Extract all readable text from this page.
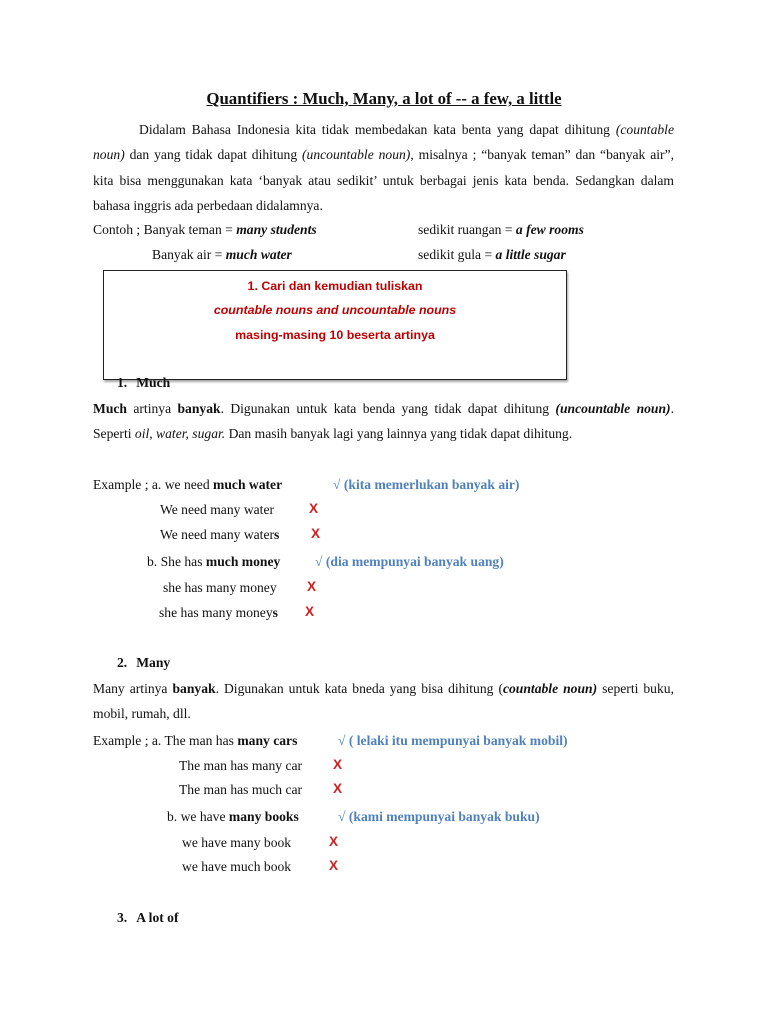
Quantifiers : Much, Many, a lot of -- a few, a little
Didalam Bahasa Indonesia kita tidak membedakan kata benta yang dapat dihitung (countable noun) dan yang tidak dapat dihitung (uncountable noun), misalnya ; “banyak teman” dan “banyak air”, kita bisa menggunakan kata ‘banyak atau sedikit’ untuk berbagai jenis kata benda. Sedangkan dalam bahasa inggris ada perbedaan didalamnya.
Contoh ; Banyak teman = many students	sedikit ruangan = a few rooms
Banyak air = much water	sedikit gula = a little sugar
1. Cari dan kemudian tuliskan
countable nouns and uncountable nouns
masing-masing 10 beserta artinya
1. Much
Much artinya banyak. Digunakan untuk kata benda yang tidak dapat dihitung (uncountable noun). Seperti oil, water, sugar. Dan masih banyak lagi yang lainnya yang tidak dapat dihitung.
Example ; a. we need much water	√ (kita memerlukan banyak air)
We need many water	X
We need many waters X
b. She has much money	√ (dia mempunyai banyak uang)
she has many money X
she has many moneys X
2. Many
Many artinya banyak. Digunakan untuk kata bneda yang bisa dihitung (countable noun) seperti buku, mobil, rumah, dll.
Example ; a. The man has many cars	√ ( lelaki itu mempunyai banyak mobil)
The man has many car X
The man has much car X
b. we have many books	√ (kami mempunyai banyak buku)
we have many book	X
we have much book	X
3. A lot of
